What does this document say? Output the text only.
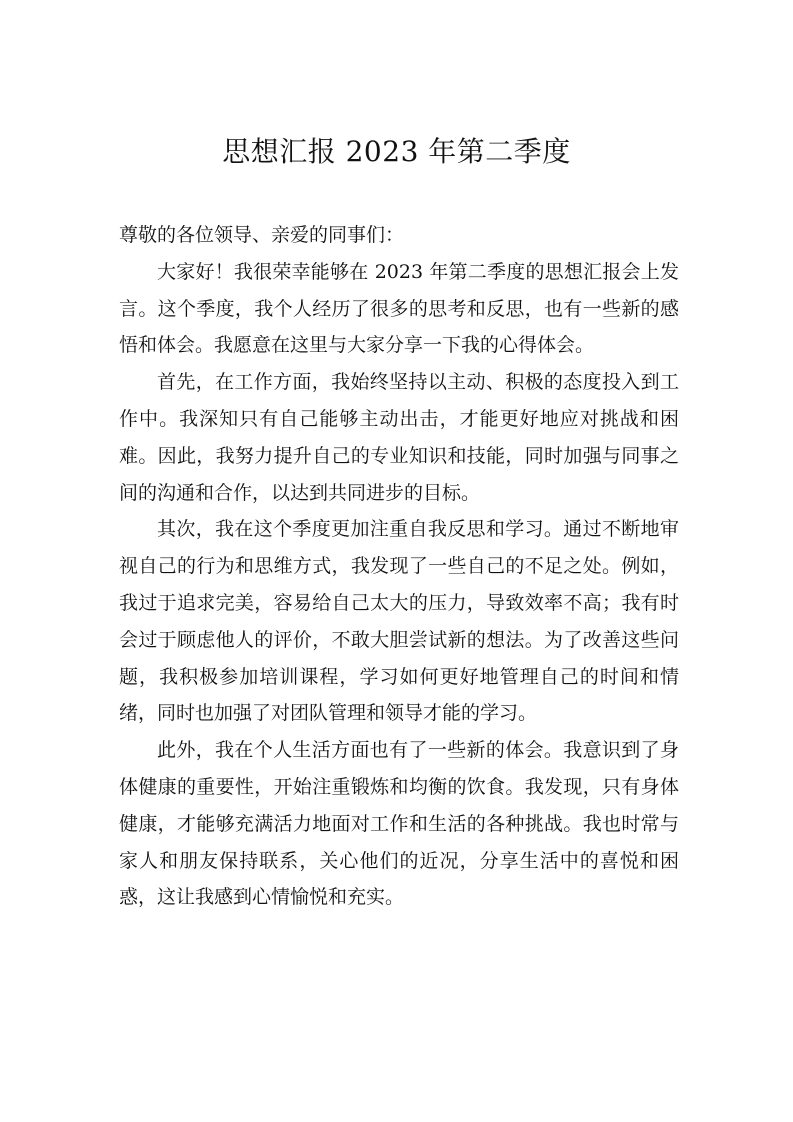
思想汇报 2023 年第二季度

尊敬的各位领导、亲爱的同事们：

大家好！我很荣幸能够在 2023 年第二季度的思想汇报会上发言。这个季度，我个人经历了很多的思考和反思，也有一些新的感悟和体会。我愿意在这里与大家分享一下我的心得体会。

首先，在工作方面，我始终坚持以主动、积极的态度投入到工作中。我深知只有自己能够主动出击，才能更好地应对挑战和困难。因此，我努力提升自己的专业知识和技能，同时加强与同事之间的沟通和合作，以达到共同进步的目标。

其次，我在这个季度更加注重自我反思和学习。通过不断地审视自己的行为和思维方式，我发现了一些自己的不足之处。例如，我过于追求完美，容易给自己太大的压力，导致效率不高；我有时会过于顾虑他人的评价，不敢大胆尝试新的想法。为了改善这些问题，我积极参加培训课程，学习如何更好地管理自己的时间和情绪，同时也加强了对团队管理和领导才能的学习。

此外，我在个人生活方面也有了一些新的体会。我意识到了身体健康的重要性，开始注重锻炼和均衡的饮食。我发现，只有身体健康，才能够充满活力地面对工作和生活的各种挑战。我也时常与家人和朋友保持联系，关心他们的近况，分享生活中的喜悦和困惑，这让我感到心情愉悦和充实。
